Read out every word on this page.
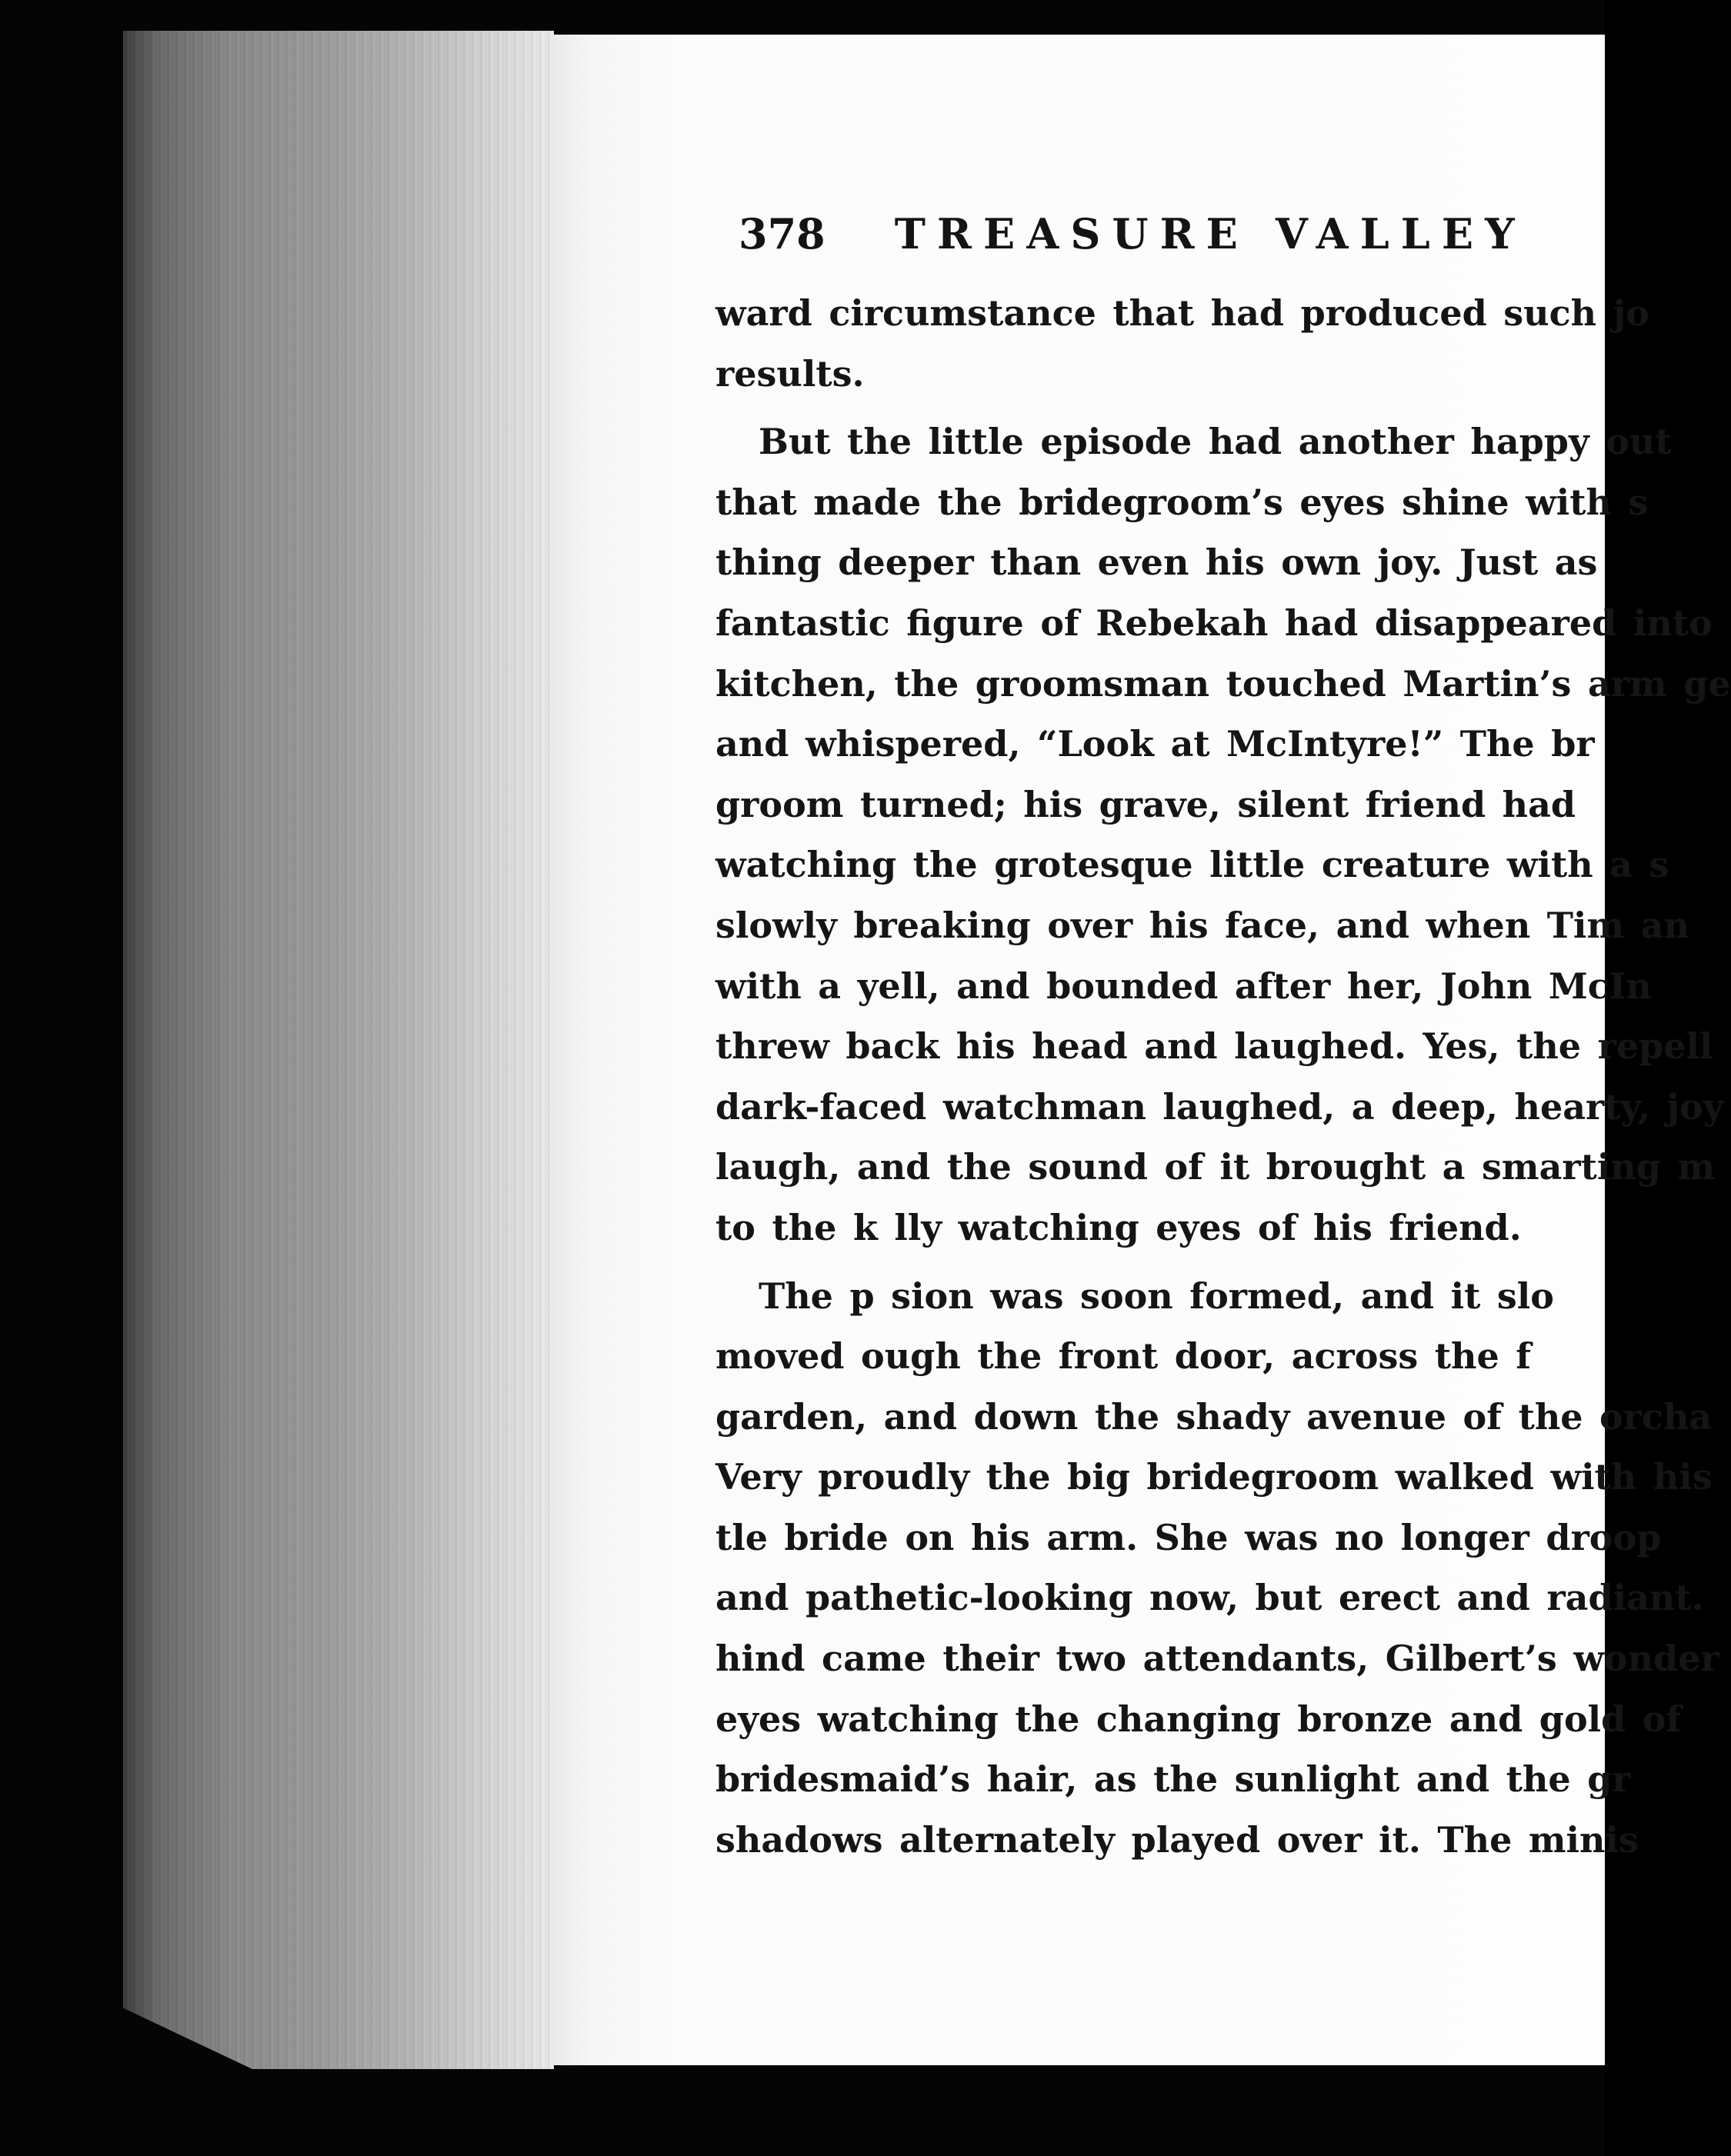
378 TREASURE VALLEY
ward circumstance that had produced such jo
results.
But the little episode had another happy out
that made the bridegroom’s eyes shine with s
thing deeper than even his own joy. Just as
fantastic figure of Rebekah had disappeared into
kitchen, the groomsman touched Martin’s arm ge
and whispered, “Look at McIntyre!” The br
groom turned; his grave, silent friend had
watching the grotesque little creature with a s
slowly breaking over his face, and when Tim an
with a yell, and bounded after her, John McIn
threw back his head and laughed. Yes, the repell
dark-faced watchman laughed, a deep, hearty, joy
laugh, and the sound of it brought a smarting m
to the k lly watching eyes of his friend.
The p sion was soon formed, and it slo
moved ough the front door, across the f
garden, and down the shady avenue of the orcha
Very proudly the big bridegroom walked with his
tle bride on his arm. She was no longer droop
and pathetic-looking now, but erect and radiant.
hind came their two attendants, Gilbert’s wonder
eyes watching the changing bronze and gold of
bridesmaid’s hair, as the sunlight and the gr
shadows alternately played over it. The minis
